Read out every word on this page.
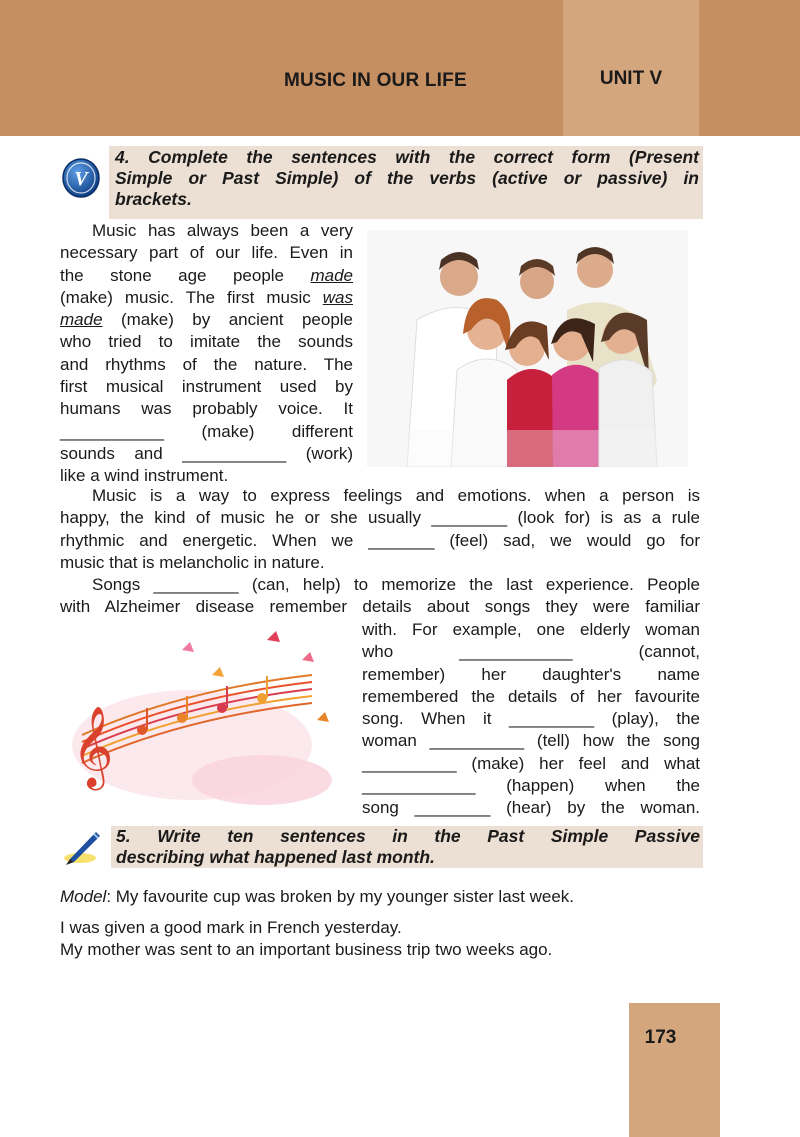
MUSIC IN OUR LIFE	UNIT V
V
4. Complete the sentences with the correct form (Present
Simple or Past Simple) of the verbs (active or passive) in
brackets.
Music has always been a very
necessary part of our life. Even in
the stone age people made
(make) music. The first music was
made (make) by ancient people
who tried to imitate the sounds
and rhythms of the nature. The
first musical instrument used by
humans was probably voice. It
___________ (make) different
sounds and ___________ (work)
like a wind instrument.
Music is a way to express feelings and emotions. when a person is
happy, the kind of music he or she usually ________ (look for) is as a rule
rhythmic and energetic. When we _______ (feel) sad, we would go for
music that is melancholic in nature.
Songs _________ (can, help) to memorize the last experience. People
with Alzheimer disease remember details about songs they were familiar
𝄞
with. For example, one elderly woman
who ____________ (cannot,
remember) her daughter's name
remembered the details of her favourite
song. When it _________ (play), the
woman __________ (tell) how the song
__________ (make) her feel and what
____________ (happen) when the
song ________ (hear) by the woman.
5. Write ten sentences in the Past Simple Passive
describing what happened last month.
Model: My favourite cup was broken by my younger sister last week.
I was given a good mark in French yesterday.
My mother was sent to an important business trip two weeks ago.
173
